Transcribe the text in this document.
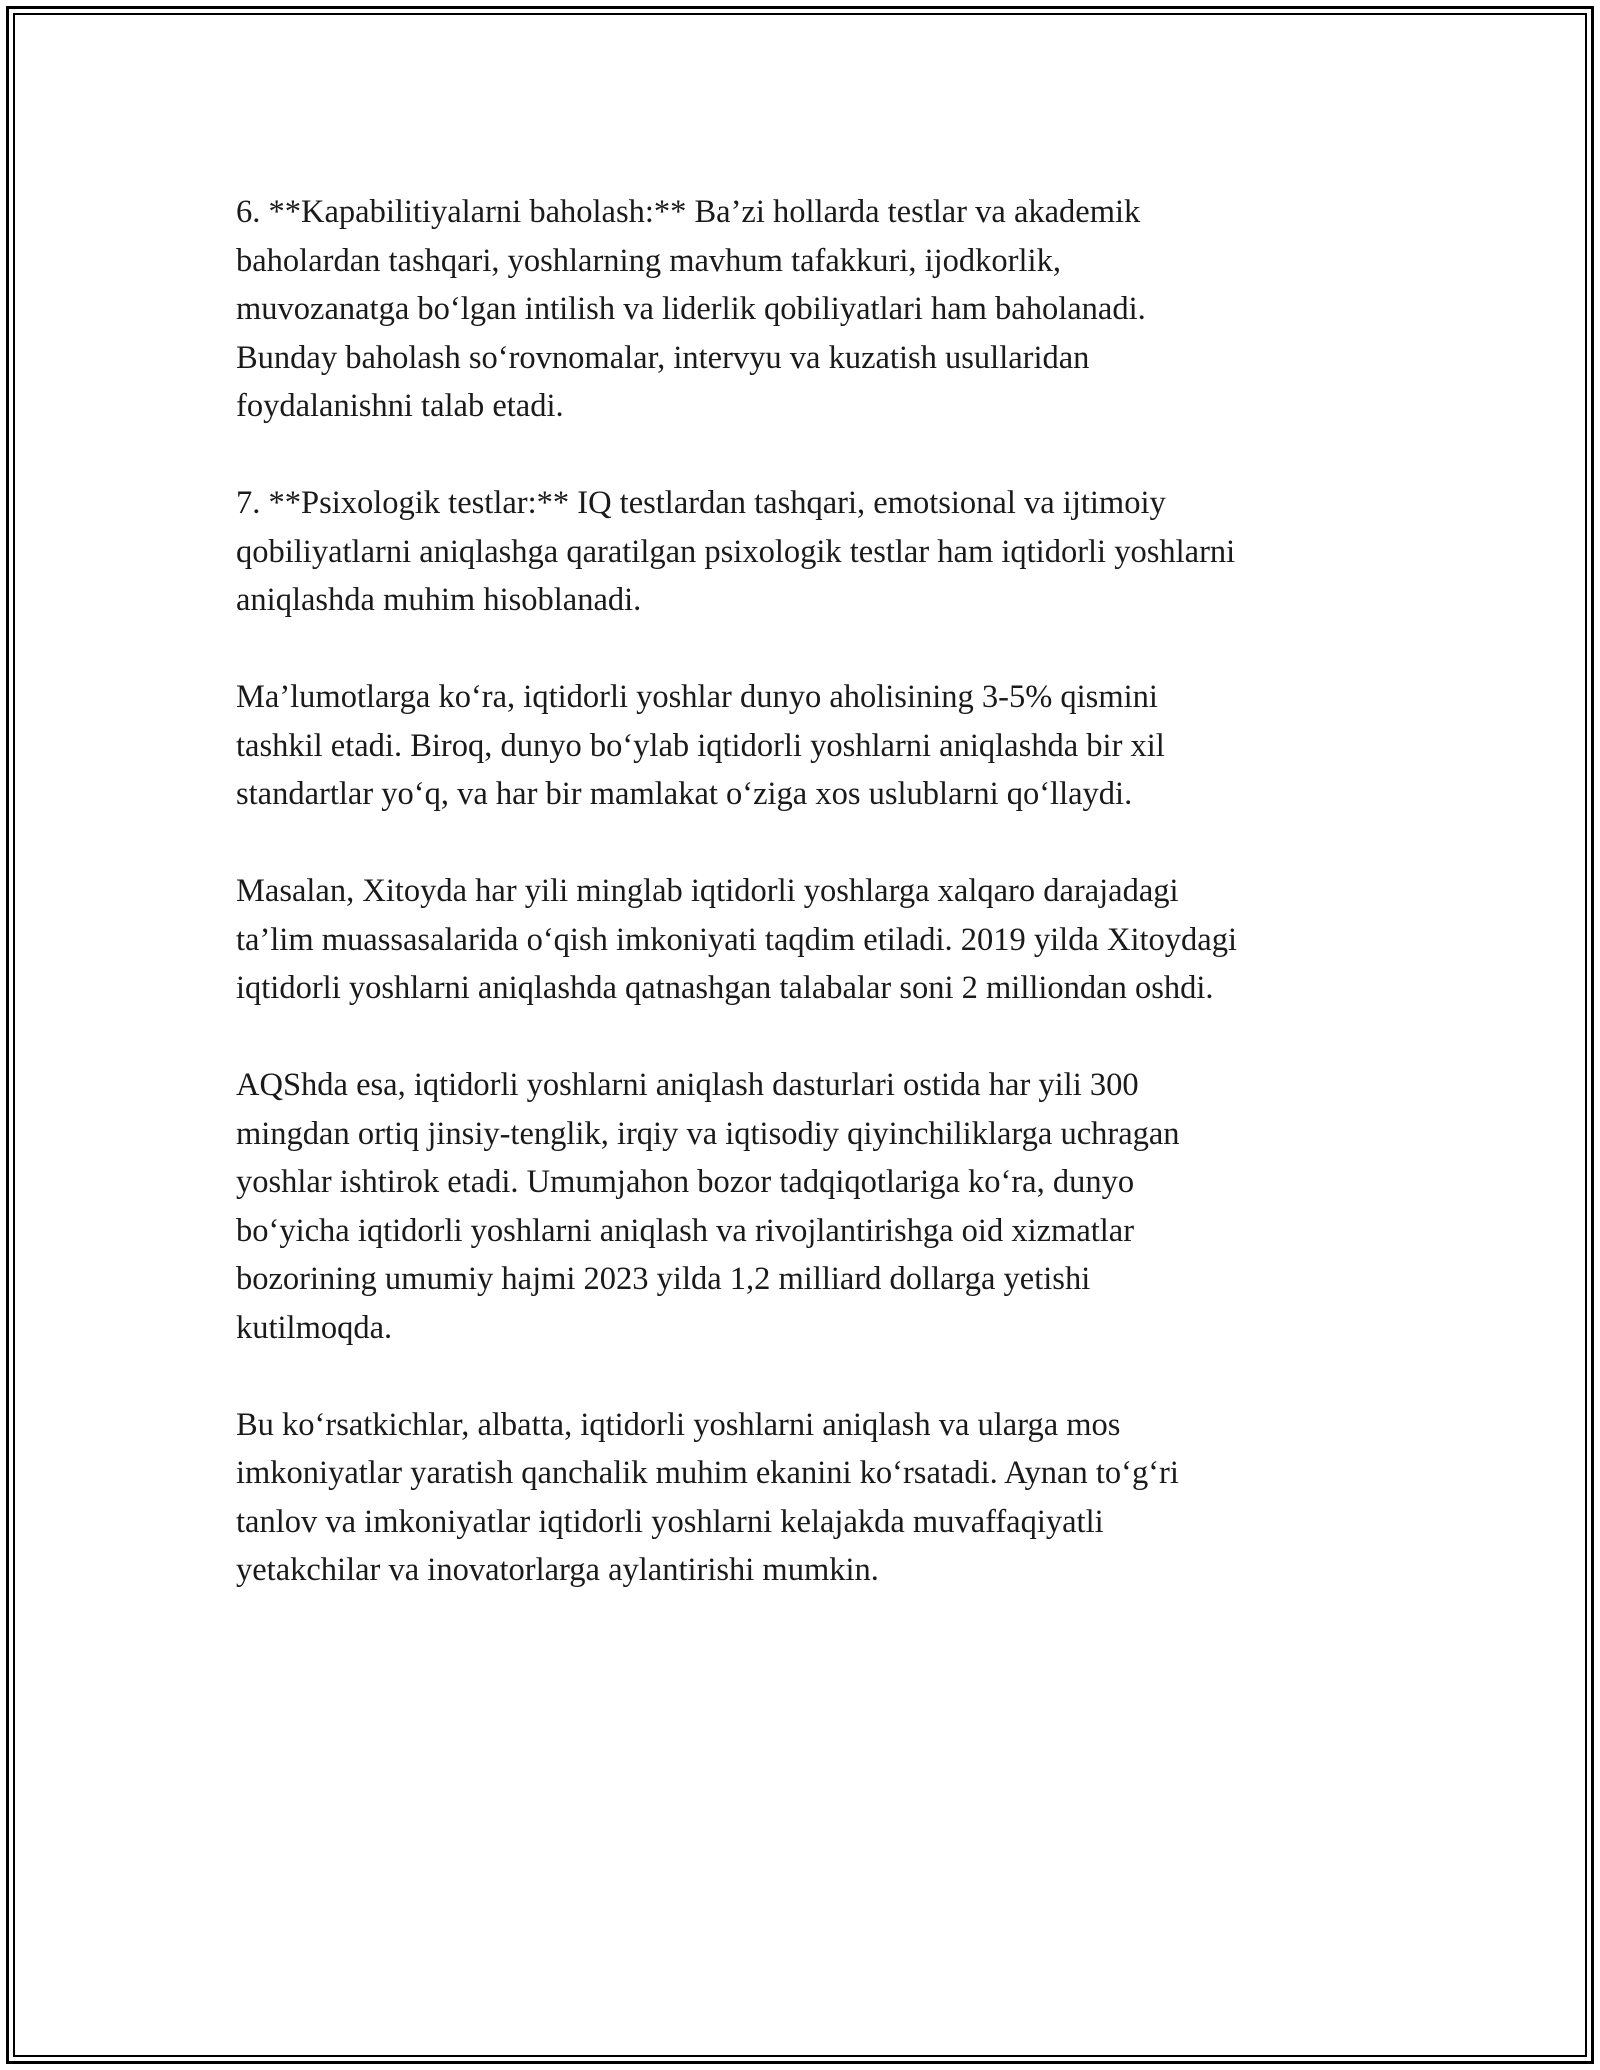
6. **Kapabilitiyalarni baholash:** Ba’zi hollarda testlar va akademik
baholardan tashqari, yoshlarning mavhum tafakkuri, ijodkorlik,
muvozanatga boʻlgan intilish va liderlik qobiliyatlari ham baholanadi.
Bunday baholash soʻrovnomalar, intervyu va kuzatish usullaridan
foydalanishni talab etadi.

7. **Psixologik testlar:** IQ testlardan tashqari, emotsional va ijtimoiy
qobiliyatlarni aniqlashga qaratilgan psixologik testlar ham iqtidorli yoshlarni
aniqlashda muhim hisoblanadi.

Ma’lumotlarga koʻra, iqtidorli yoshlar dunyo aholisining 3-5% qismini
tashkil etadi. Biroq, dunyo boʻylab iqtidorli yoshlarni aniqlashda bir xil
standartlar yoʻq, va har bir mamlakat oʻziga xos uslublarni qoʻllaydi.

Masalan, Xitoyda har yili minglab iqtidorli yoshlarga xalqaro darajadagi
ta’lim muassasalarida oʻqish imkoniyati taqdim etiladi. 2019 yilda Xitoydagi
iqtidorli yoshlarni aniqlashda qatnashgan talabalar soni 2 milliondan oshdi.

AQShda esa, iqtidorli yoshlarni aniqlash dasturlari ostida har yili 300
mingdan ortiq jinsiy-tenglik, irqiy va iqtisodiy qiyinchiliklarga uchragan
yoshlar ishtirok etadi. Umumjahon bozor tadqiqotlariga koʻra, dunyo
boʻyicha iqtidorli yoshlarni aniqlash va rivojlantirishga oid xizmatlar
bozorining umumiy hajmi 2023 yilda 1,2 milliard dollarga yetishi
kutilmoqda.

Bu koʻrsatkichlar, albatta, iqtidorli yoshlarni aniqlash va ularga mos
imkoniyatlar yaratish qanchalik muhim ekanini koʻrsatadi. Aynan toʻgʻri
tanlov va imkoniyatlar iqtidorli yoshlarni kelajakda muvaffaqiyatli
yetakchilar va inovatorlarga aylantirishi mumkin.
